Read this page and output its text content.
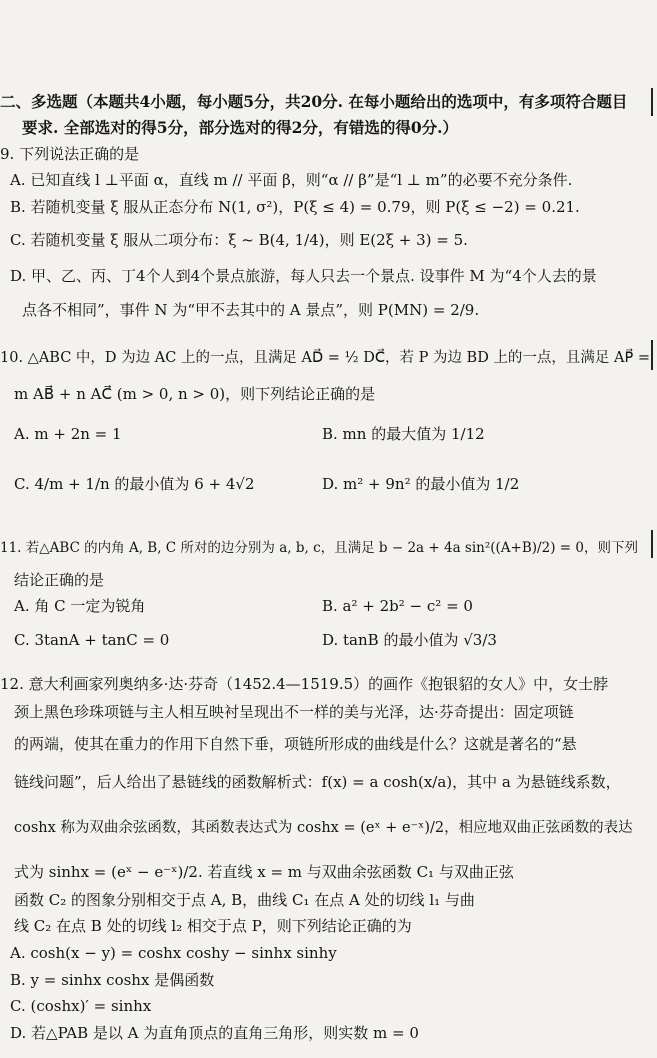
二、多选题（本题共4小题，每小题5分，共20分. 在每小题给出的选项中，有多项符合题目

要求. 全部选对的得5分，部分选对的得2分，有错选的得0分.）

9. 下列说法正确的是

A. 已知直线 l ⊥平面 α，直线 m // 平面 β，则“α // β”是“l ⊥ m”的必要不充分条件.

B. 若随机变量 ξ 服从正态分布 N(1, σ²)，P(ξ ≤ 4) = 0.79，则 P(ξ ≤ −2) = 0.21.

C. 若随机变量 ξ 服从二项分布：ξ ~ B(4, 1/4)，则 E(2ξ + 3) = 5.

D. 甲、乙、丙、丁4个人到4个景点旅游，每人只去一个景点. 设事件 M 为“4个人去的景

点各不相同”，事件 N 为“甲不去其中的 A 景点”，则 P(MN) = 2/9.

10. △ABC 中，D 为边 AC 上的一点，且满足 AD⃗ = ½ DC⃗，若 P 为边 BD 上的一点，且满足 AP⃗ =

m AB⃗ + n AC⃗ (m > 0, n > 0)，则下列结论正确的是

A. m + 2n = 1	B. mn 的最大值为 1/12

C. 4/m + 1/n 的最小值为 6 + 4√2	D. m² + 9n² 的最小值为 1/2

11. 若△ABC 的内角 A, B, C 所对的边分别为 a, b, c，且满足 b − 2a + 4a sin²((A+B)/2) = 0，则下列

结论正确的是

A. 角 C 一定为锐角	B. a² + 2b² − c² = 0

C. 3tanA + tanC = 0	D. tanB 的最小值为 √3/3

12. 意大利画家列奥纳多·达·芬奇（1452.4—1519.5）的画作《抱银貂的女人》中，女士脖

颈上黑色珍珠项链与主人相互映衬呈现出不一样的美与光泽，达·芬奇提出：固定项链

的两端，使其在重力的作用下自然下垂，项链所形成的曲线是什么？这就是著名的“悬

链线问题”，后人给出了悬链线的函数解析式：f(x) = a cosh(x/a)，其中 a 为悬链线系数，

coshx 称为双曲余弦函数，其函数表达式为 coshx = (eˣ + e⁻ˣ)/2，相应地双曲正弦函数的表达

式为 sinhx = (eˣ − e⁻ˣ)/2. 若直线 x = m 与双曲余弦函数 C₁ 与双曲正弦

函数 C₂ 的图象分别相交于点 A, B，曲线 C₁ 在点 A 处的切线 l₁ 与曲

线 C₂ 在点 B 处的切线 l₂ 相交于点 P，则下列结论正确的为

A. cosh(x − y) = coshx coshy − sinhx sinhy

B. y = sinhx coshx 是偶函数

C. (coshx)′ = sinhx

D. 若△PAB 是以 A 为直角顶点的直角三角形，则实数 m = 0
